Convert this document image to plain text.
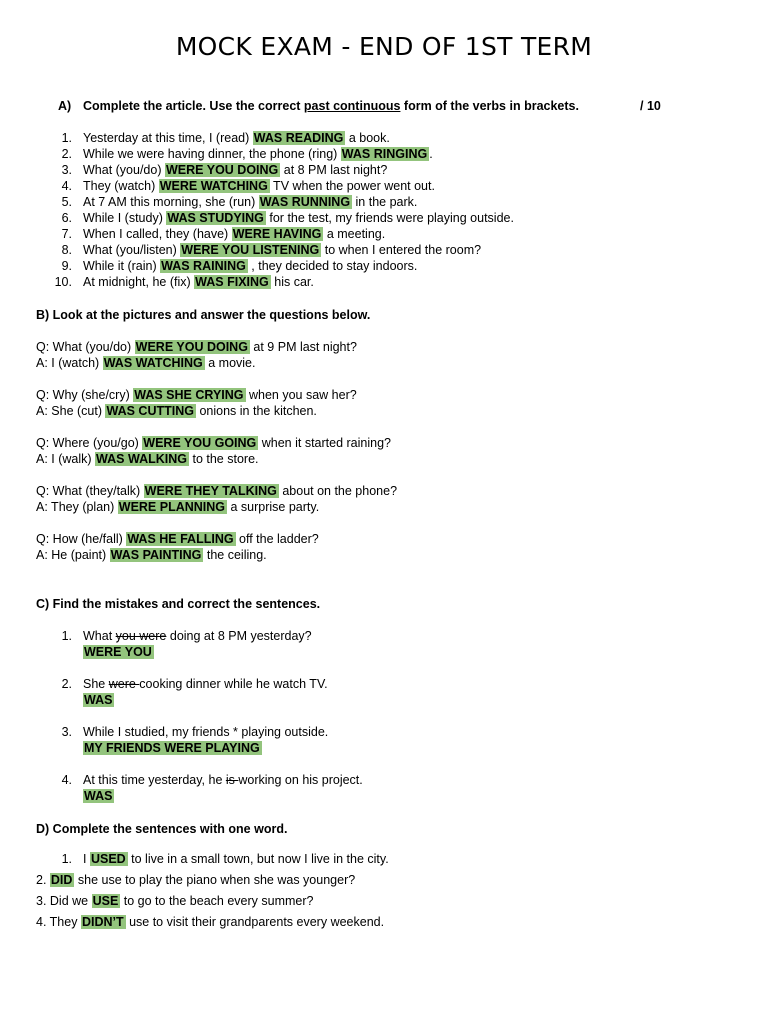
MOCK EXAM - END OF 1ST TERM
A) Complete the article. Use the correct past continuous form of the verbs in brackets.	/ 10
1. Yesterday at this time, I (read) WAS READING a book.
2. While we were having dinner, the phone (ring) WAS RINGING .
3. What (you/do) WERE YOU DOING at 8 PM last night?
4. They (watch) WERE WATCHING TV when the power went out.
5. At 7 AM this morning, she (run) WAS RUNNING in the park.
6. While I (study) WAS STUDYING for the test, my friends were playing outside.
7. When I called, they (have) WERE HAVING a meeting.
8. What (you/listen) WERE YOU LISTENING to when I entered the room?
9. While it (rain) WAS RAINING , they decided to stay indoors.
10. At midnight, he (fix) WAS FIXING his car.
B) Look at the pictures and answer the questions below.
Q: What (you/do) WERE YOU DOING at 9 PM last night?
A: I (watch) WAS WATCHING a movie.
Q: Why (she/cry) WAS SHE CRYING when you saw her?
A: She (cut) WAS CUTTING onions in the kitchen.
Q: Where (you/go) WERE YOU GOING when it started raining?
A: I (walk) WAS WALKING to the store.
Q: What (they/talk) WERE THEY TALKING about on the phone?
A: They (plan) WERE PLANNING a surprise party.
Q: How (he/fall) WAS HE FALLING off the ladder?
A: He (paint) WAS PAINTING the ceiling.
C) Find the mistakes and correct the sentences.
1. What you were doing at 8 PM yesterday?
WERE YOU
2. She were cooking dinner while he watch TV.
WAS
3. While I studied, my friends * playing outside.
MY FRIENDS WERE PLAYING
4. At this time yesterday, he is working on his project.
WAS
D) Complete the sentences with one word.
1. I USED to live in a small town, but now I live in the city.
2. DID she use to play the piano when she was younger?
3. Did we USE to go to the beach every summer?
4. They DIDN’T use to visit their grandparents every weekend.
